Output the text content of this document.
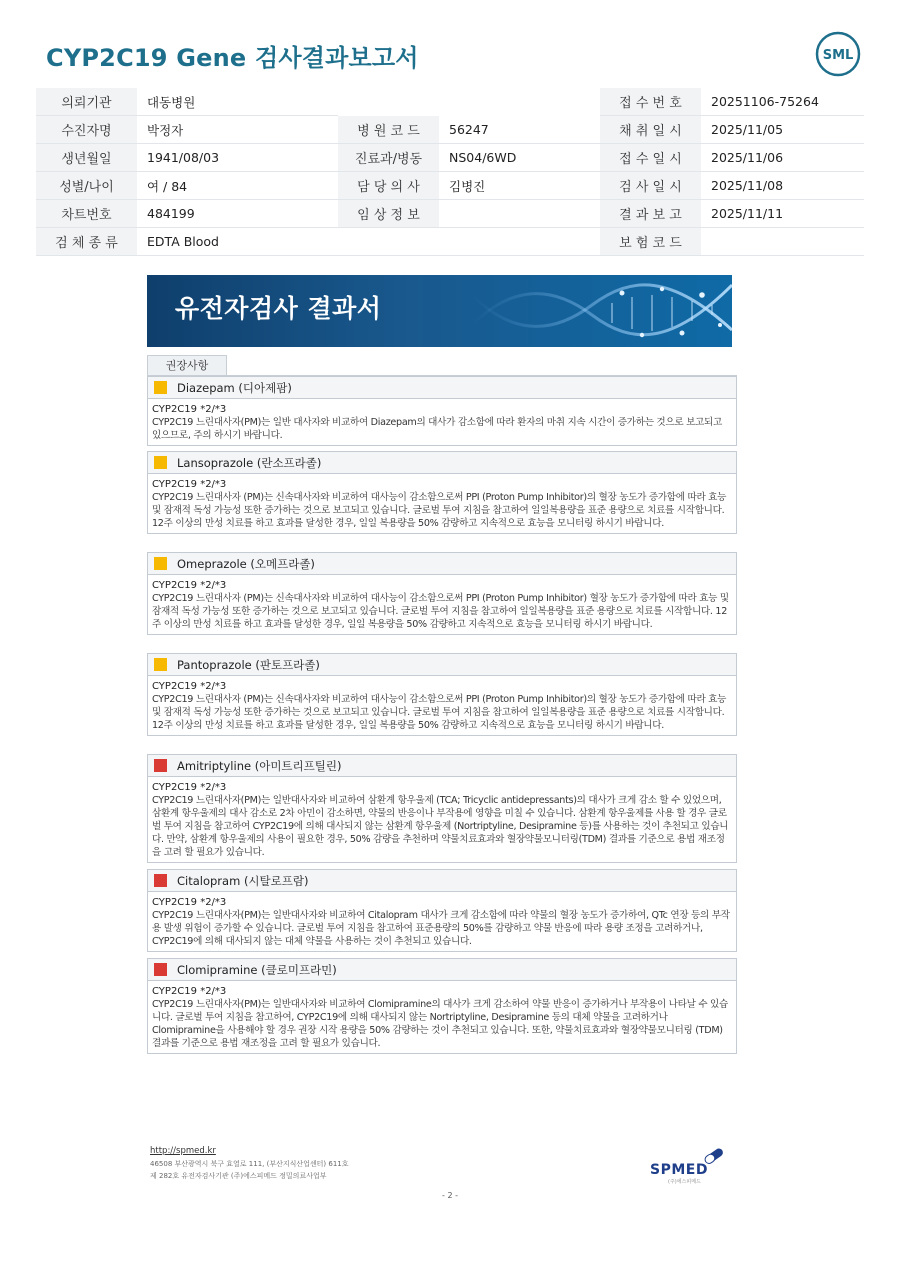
CYP2C19 Gene 검사결과보고서	SML
의뢰기관	대동병원			접 수 번 호	20251106-75264
수진자명	박정자	병 원 코 드	56247	채 취 일 시	2025/11/05
생년월일	1941/08/03	진료과/병동	NS04/6WD	접 수 일 시	2025/11/06
성별/나이	여 / 84	담 당 의 사	김병진	검 사 일 시	2025/11/08
차트번호	484199	임 상 정 보		결 과 보 고	2025/11/11
검 체 종 류	EDTA Blood			보 험 코 드	
유전자검사 결과서
권장사항
Diazepam (디아제팜)
CYP2C19 *2/*3
CYP2C19 느린대사자(PM)는 일반 대사자와 비교하여 Diazepam의 대사가 감소함에 따라 환자의 마취 지속 시간이 증가하는 것으로 보고되고 있으므로, 주의 하시기 바랍니다.
Lansoprazole (란소프라졸)
CYP2C19 *2/*3
CYP2C19 느린대사자 (PM)는 신속대사자와 비교하여 대사능이 감소함으로써 PPI (Proton Pump Inhibitor)의 혈장 농도가 증가함에 따라 효능 및 잠재적 독성 가능성 또한 증가하는 것으로 보고되고 있습니다. 글로벌 투여 지침을 참고하여 일일복용량을 표준 용량으로 치료를 시작합니다. 12주 이상의 만성 치료를 하고 효과를 달성한 경우, 일일 복용량을 50% 감량하고 지속적으로 효능을 모니터링 하시기 바랍니다.
Omeprazole (오메프라졸)
CYP2C19 *2/*3
CYP2C19 느린대사자 (PM)는 신속대사자와 비교하여 대사능이 감소함으로써 PPI (Proton Pump Inhibitor) 혈장 농도가 증가함에 따라 효능 및 잠재적 독성 가능성 또한 증가하는 것으로 보고되고 있습니다. 글로벌 투여 지침을 참고하여 일일복용량을 표준 용량으로 치료를 시작합니다. 12주 이상의 만성 치료를 하고 효과를 달성한 경우, 일일 복용량을 50% 감량하고 지속적으로 효능을 모니터링 하시기 바랍니다.
Pantoprazole (판토프라졸)
CYP2C19 *2/*3
CYP2C19 느린대사자 (PM)는 신속대사자와 비교하여 대사능이 감소함으로써 PPI (Proton Pump Inhibitor)의 혈장 농도가 증가함에 따라 효능 및 잠재적 독성 가능성 또한 증가하는 것으로 보고되고 있습니다. 글로벌 투여 지침을 참고하여 일일복용량을 표준 용량으로 치료를 시작합니다. 12주 이상의 만성 치료를 하고 효과를 달성한 경우, 일일 복용량을 50% 감량하고 지속적으로 효능을 모니터링 하시기 바랍니다.
Amitriptyline (아미트리프틸린)
CYP2C19 *2/*3
CYP2C19 느린대사자(PM)는 일반대사자와 비교하여 삼환계 항우울제 (TCA; Tricyclic antidepressants)의 대사가 크게 감소 할 수 있었으며, 삼환계 항우울제의 대사 감소로 2차 아민이 감소하면, 약물의 반응이나 부작용에 영향을 미칠 수 있습니다. 삼환계 항우울제를 사용 할 경우 글로벌 투여 지침을 참고하여 CYP2C19에 의해 대사되지 않는 삼환계 항우울제 (Nortriptyline, Desipramine 등)를 사용하는 것이 추천되고 있습니다. 만약, 삼환계 항우울제의 사용이 필요한 경우, 50% 감량을 추천하며 약물치료효과와 혈장약물모니터링(TDM) 결과를 기준으로 용법 재조정을 고려 할 필요가 있습니다.
Citalopram (시탈로프람)
CYP2C19 *2/*3
CYP2C19 느린대사자(PM)는 일반대사자와 비교하여 Citalopram 대사가 크게 감소함에 따라 약물의 혈장 농도가 증가하여, QTc 연장 등의 부작용 발생 위험이 증가할 수 있습니다. 글로벌 투여 지침을 참고하여 표준용량의 50%를 감량하고 약물 반응에 따라 용량 조정을 고려하거나, CYP2C19에 의해 대사되지 않는 대체 약물을 사용하는 것이 추천되고 있습니다.
Clomipramine (클로미프라민)
CYP2C19 *2/*3
CYP2C19 느린대사자(PM)는 일반대사자와 비교하여 Clomipramine의 대사가 크게 감소하여 약물 반응이 증가하거나 부작용이 나타날 수 있습니다. 글로벌 투여 지침을 참고하여, CYP2C19에 의해 대사되지 않는 Nortriptyline, Desipramine 등의 대체 약물을 고려하거나 Clomipramine을 사용해야 할 경우 권장 시작 용량을 50% 감량하는 것이 추천되고 있습니다. 또한, 약물치료효과와 혈장약물모니터링 (TDM) 결과를 기준으로 용법 재조정을 고려 할 필요가 있습니다.
http://spmed.kr
46508 부산광역시 북구 효열로 111, (부산지식산업센터) 611호
제 282호 유전자검사기관 (주)에스피메드 정밀의료사업부	SPMED
(주)에스피메드
- 2 -
